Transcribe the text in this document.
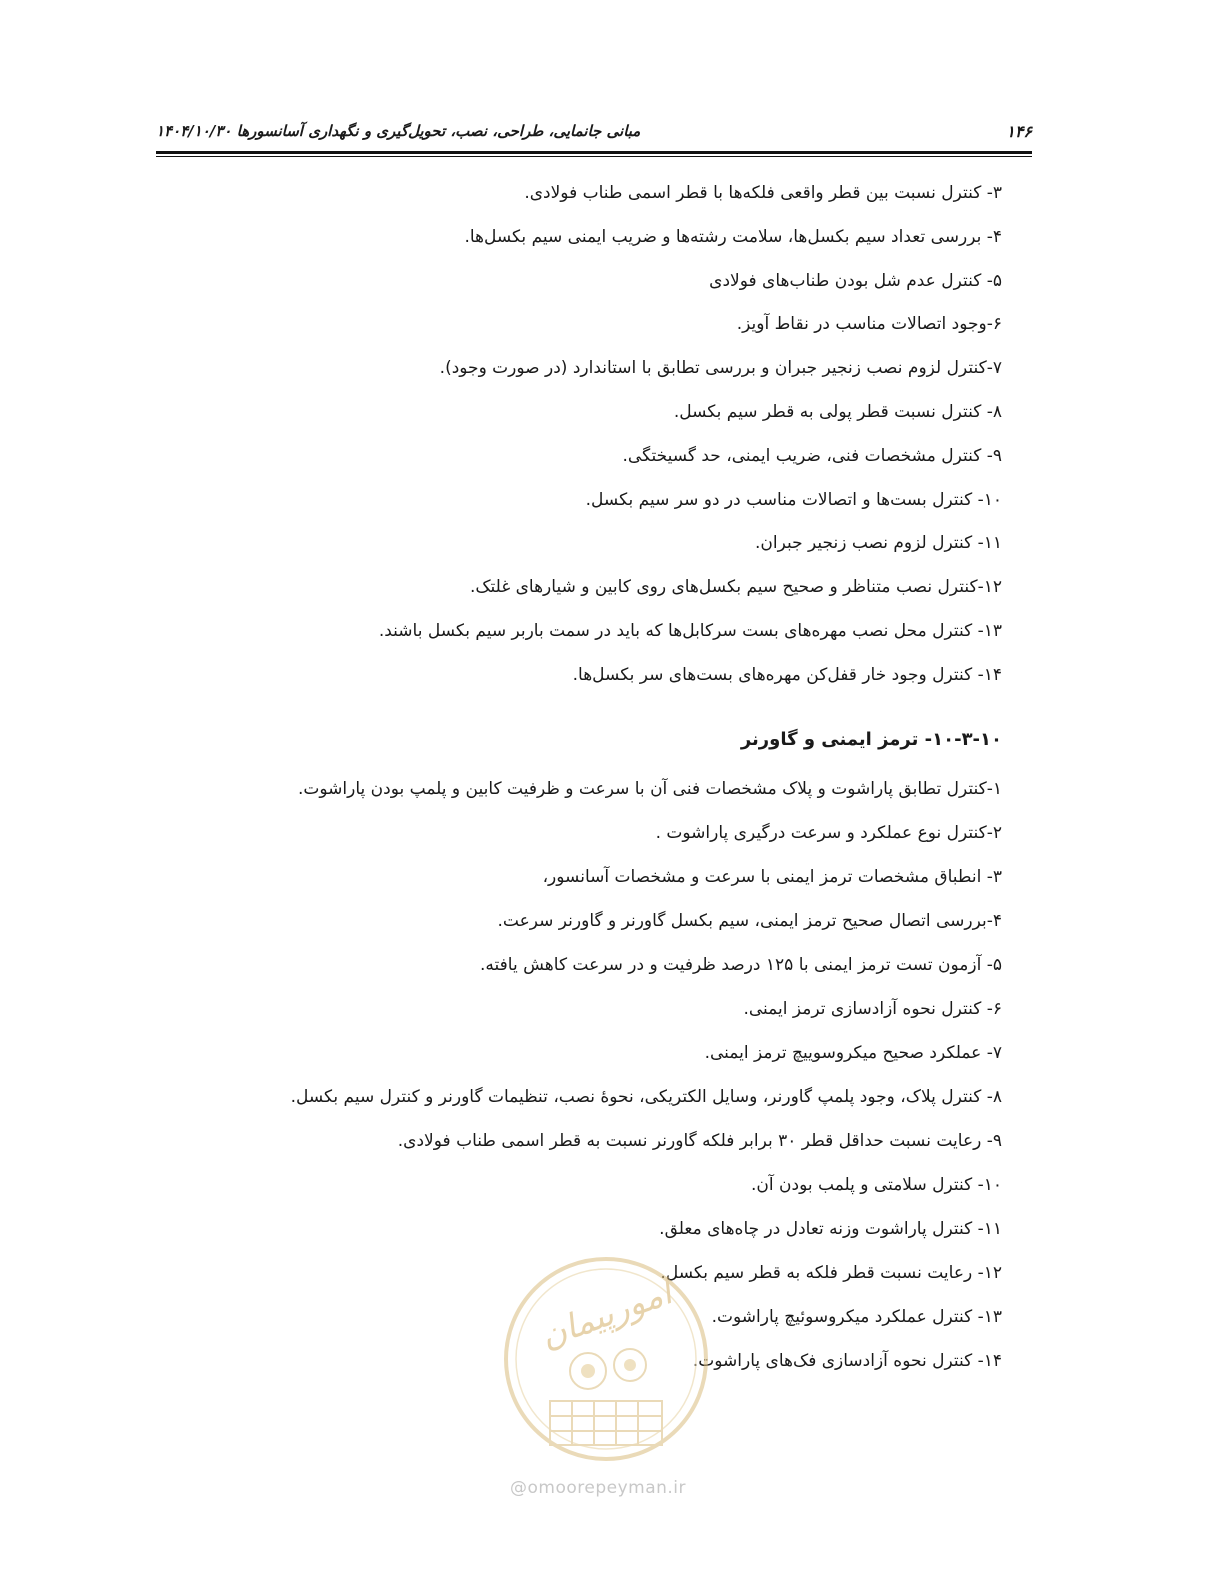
۱۴۶
مبانی جانمایی، طراحی، نصب، تحویل‌گیری و نگهداری آسانسورها ۱۴۰۴/۱۰/۳۰
۳- کنترل نسبت بین قطر واقعی فلکه‌ها با قطر اسمی طناب فولادی.
۴- بررسی تعداد سیم بکسل‌ها، سلامت رشته‌ها و ضریب ایمنی سیم بکسل‌ها.
۵- کنترل عدم شل بودن طناب‌های فولادی
۶-وجود اتصالات مناسب در نقاط آویز.
۷-کنترل لزوم نصب زنجیر جبران و بررسی تطابق با استاندارد (در صورت وجود).
۸- کنترل نسبت قطر پولی به قطر سیم بکسل.
۹- کنترل مشخصات فنی، ضریب ایمنی، حد گسیختگی.
۱۰- کنترل بست‌ها و اتصالات مناسب در دو سر سیم بکسل.
۱۱- کنترل لزوم نصب زنجیر جبران.
۱۲-کنترل نصب متناظر و صحیح سیم بکسل‌های روی کابین و شیارهای غلتک.
۱۳- کنترل محل نصب مهره‌های بست سرکابل‌ها که باید در سمت باربر سیم بکسل باشند.
۱۴- کنترل وجود خار قفل‌کن مهره‌های بست‌های سر بکسل‌ها.
۱۰-۳-۱۰- ترمز ایمنی و گاورنر
۱-کنترل تطابق پاراشوت و پلاک مشخصات فنی آن با سرعت و ظرفیت کابین و پلمپ بودن پاراشوت.
۲-کنترل نوع عملکرد و سرعت درگیری پاراشوت .
۳- انطباق مشخصات ترمز ایمنی با سرعت و مشخصات آسانسور،
۴-بررسی اتصال صحیح ترمز ایمنی، سیم بکسل گاورنر و گاورنر سرعت.
۵- آزمون تست ترمز ایمنی با ۱۲۵ درصد ظرفیت و در سرعت کاهش یافته.
۶- کنترل نحوه آزادسازی ترمز ایمنی.
۷- عملکرد صحیح میکروسوییچ ترمز ایمنی.
۸- کنترل پلاک، وجود پلمپ گاورنر، وسایل الکتریکی، نحوهٔ نصب، تنظیمات گاورنر و کنترل سیم بکسل.
۹- رعایت نسبت حداقل قطر ۳۰ برابر فلکه گاورنر نسبت به قطر اسمی طناب فولادی.
۱۰- کنترل سلامتی و پلمب بودن آن.
۱۱- کنترل پاراشوت وزنه تعادل در چاه‌های معلق.
۱۲- رعایت نسبت قطر فلکه به قطر سیم بکسل.
۱۳- کنترل عملکرد میکروسوئیچ پاراشوت.
۱۴- کنترل نحوه آزادسازی فک‌های پاراشوت.
امورپیمان
@omoorepeyman.ir
